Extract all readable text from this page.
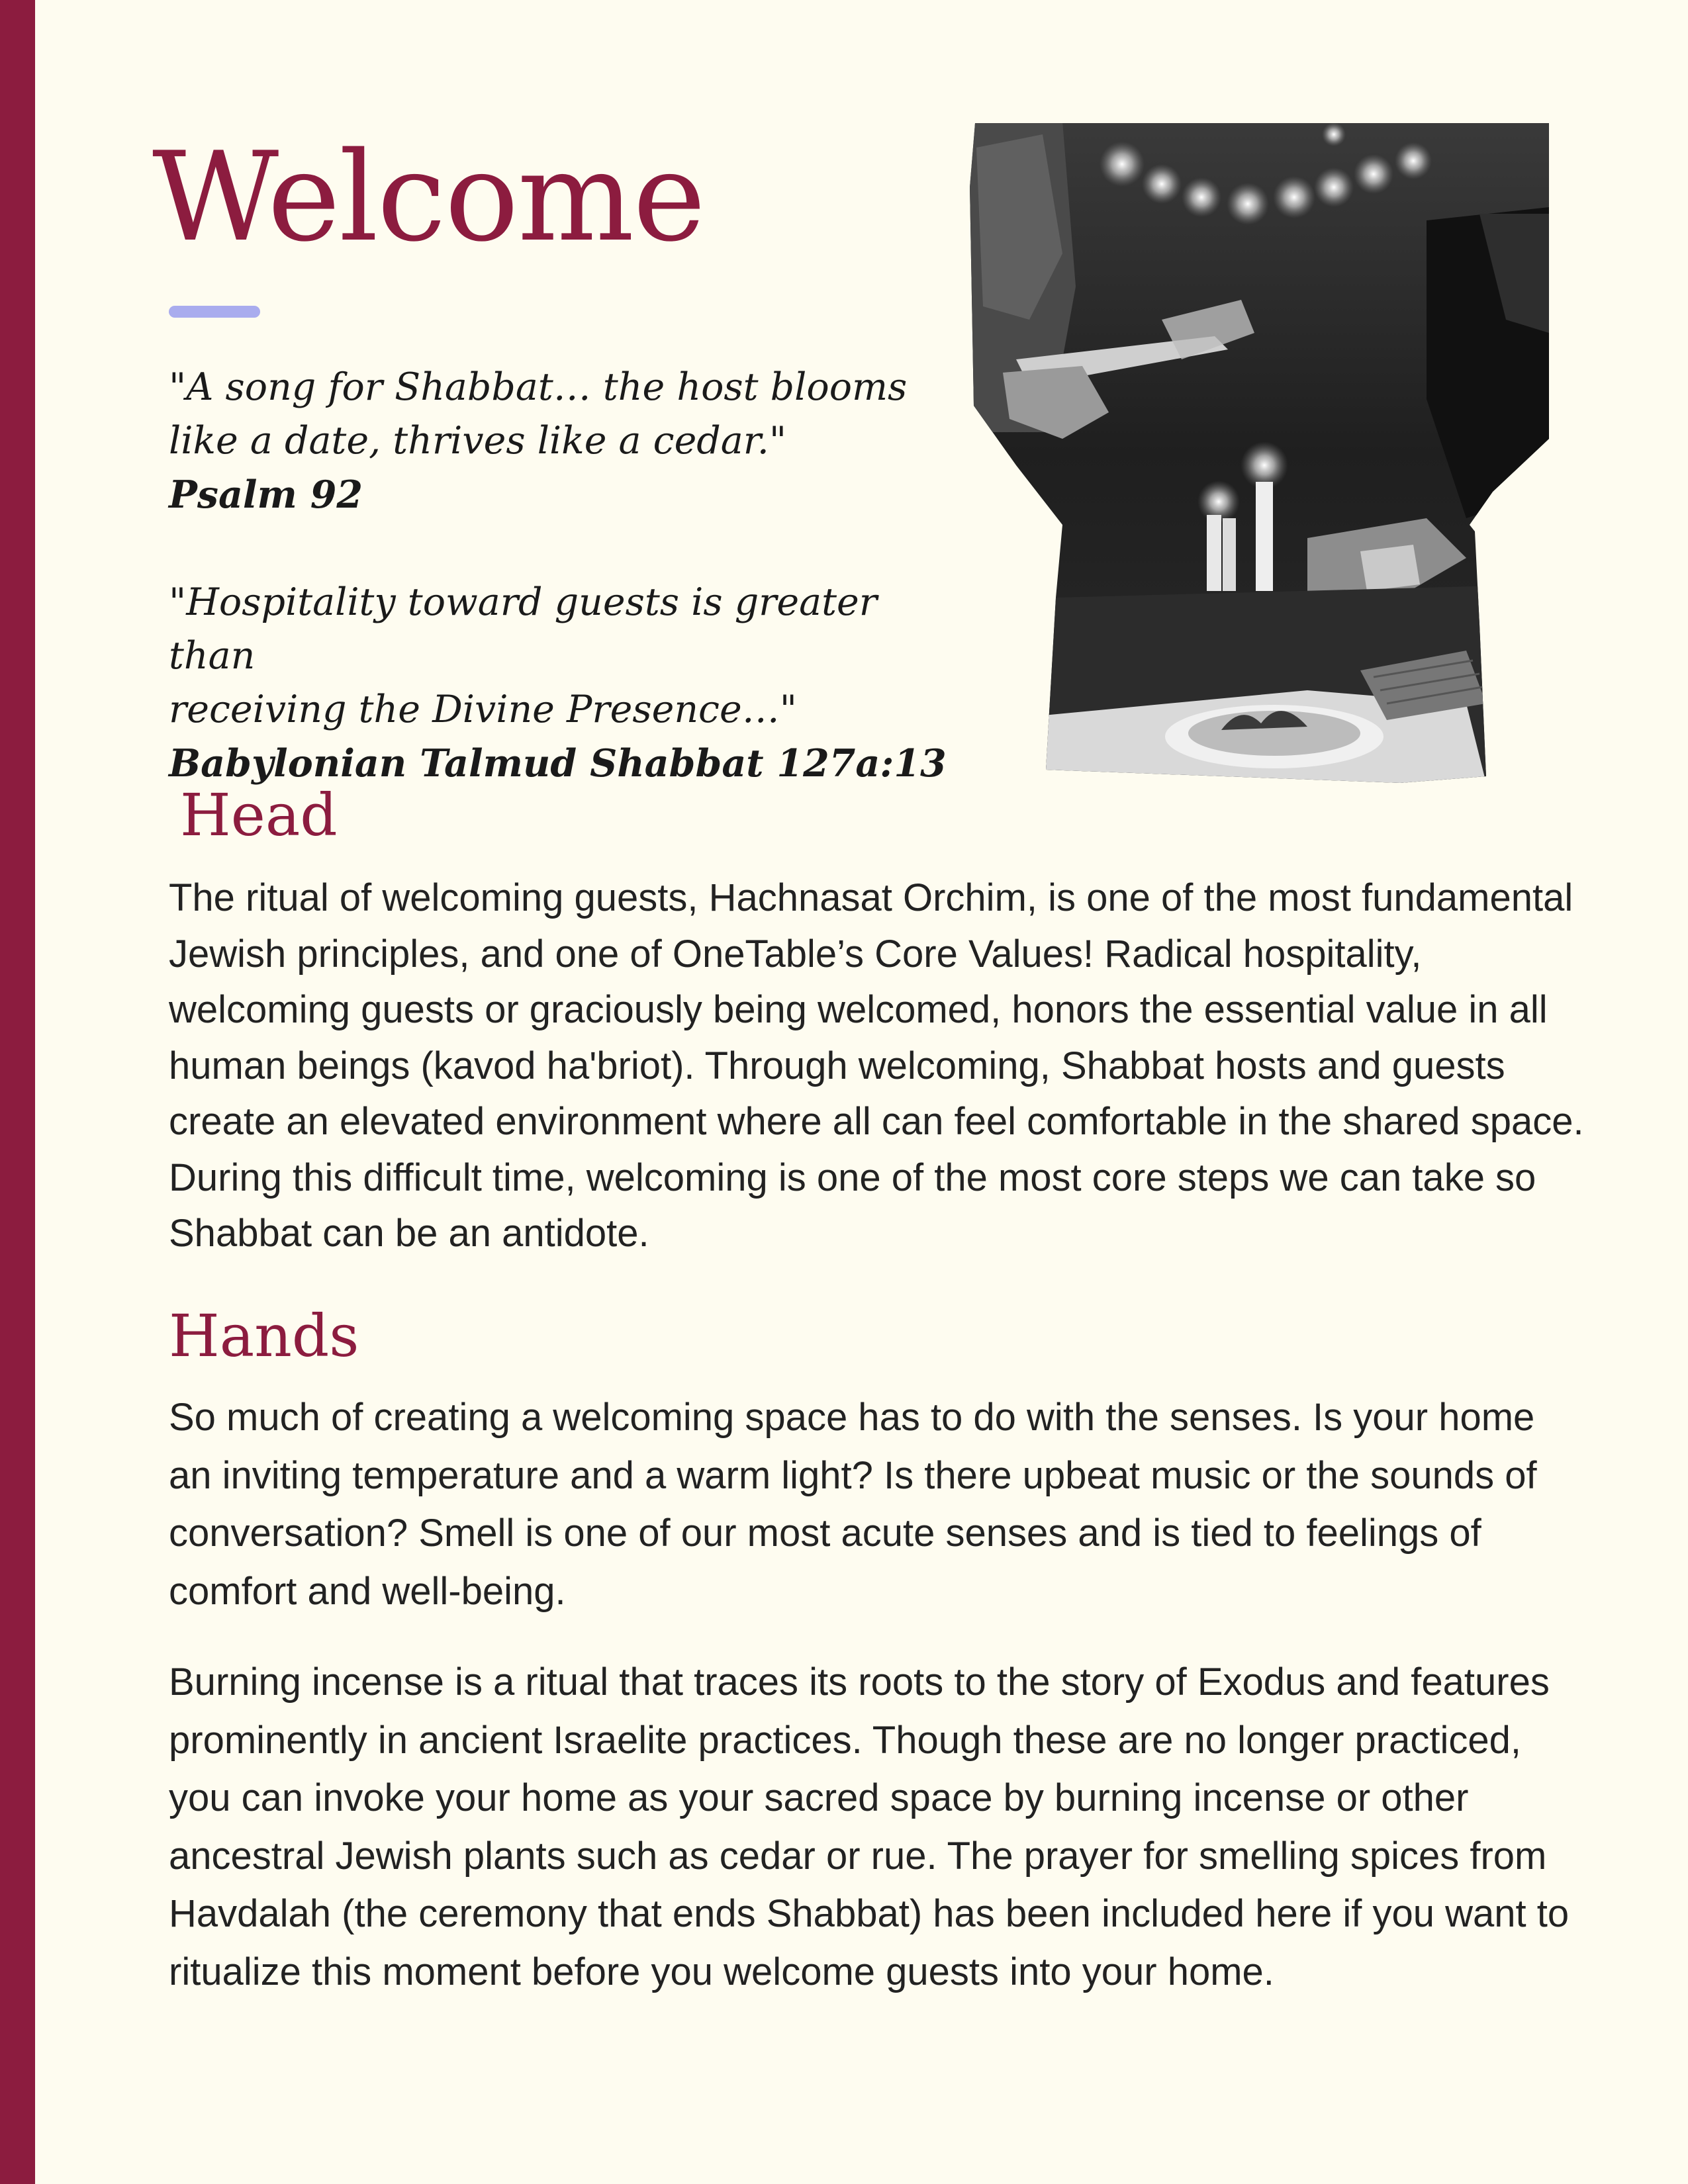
Welcome
"A song for Shabbat… the host blooms
like a date, thrives like a cedar."
Psalm 92
"Hospitality toward guests is greater than
receiving the Divine Presence…"
Babylonian Talmud Shabbat 127a:13
Head

The ritual of welcoming guests, Hachnasat Orchim, is one of the most fundamental Jewish principles, and one of OneTable’s Core Values! Radical hospitality, welcoming guests or graciously being welcomed, honors the essential value in all human beings (kavod ha'briot). Through welcoming, Shabbat hosts and guests create an elevated environment where all can feel comfortable in the shared space. During this difficult time, welcoming is one of the most core steps we can take so Shabbat can be an antidote.

Hands

So much of creating a welcoming space has to do with the senses. Is your home an inviting temperature and a warm light? Is there upbeat music or the sounds of conversation? Smell is one of our most acute senses and is tied to feelings of comfort and well-being.

Burning incense is a ritual that traces its roots to the story of Exodus and features prominently in ancient Israelite practices. Though these are no longer practiced, you can invoke your home as your sacred space by burning incense or other ancestral Jewish plants such as cedar or rue. The prayer for smelling spices from Havdalah (the ceremony that ends Shabbat) has been included here if you want to ritualize this moment before you welcome guests into your home.
